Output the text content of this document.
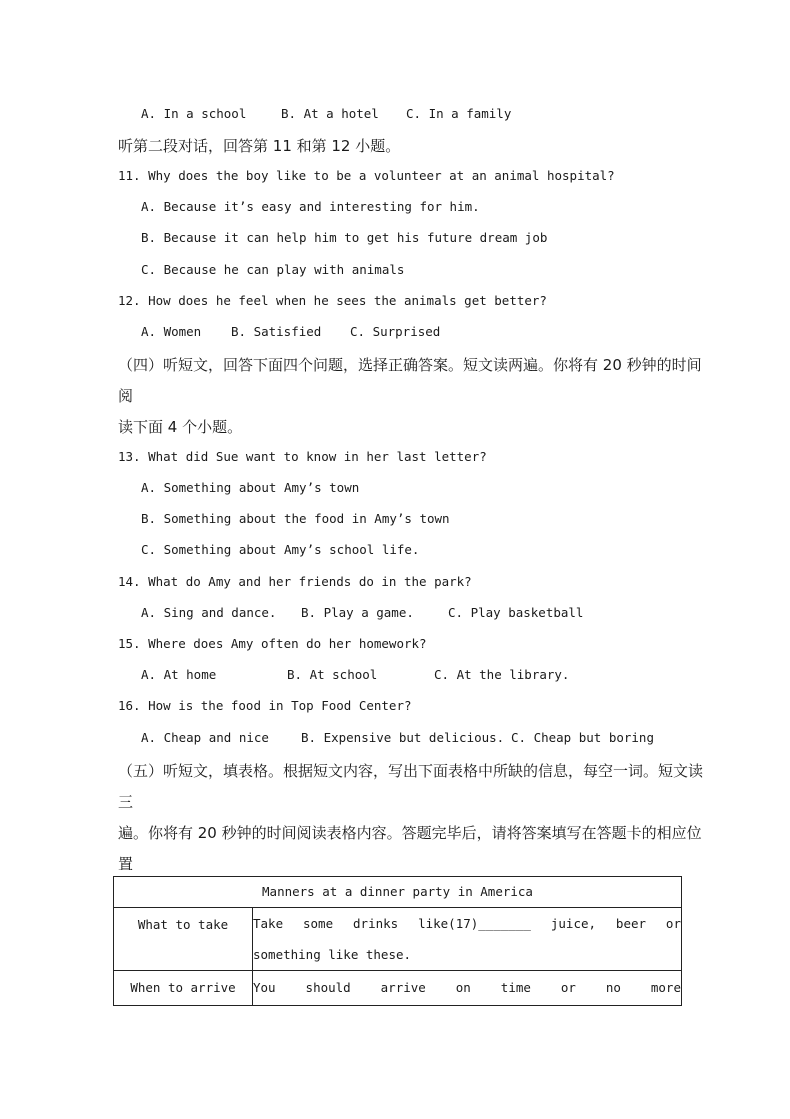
A. In a school	B. At a hotel C. In a family
听第二段对话，回答第 11 和第 12 小题。
11. Why does the boy like to be a volunteer at an animal hospital?
A. Because it’s easy and interesting for him.
B. Because it can help him to get his future dream job
C. Because he can play with animals
12. How does he feel when he sees the animals get better?
A. Women B. Satisfied C. Surprised
（四）听短文，回答下面四个问题，选择正确答案。短文读两遍。你将有 20 秒钟的时间
阅
读下面 4 个小题。
13. What did Sue want to know in her last letter?
A. Something about Amy’s town
B. Something about the food in Amy’s town
C. Something about Amy’s school life.
14. What do Amy and her friends do in the park?
A. Sing and dance. B. Play a game.	C. Play basketball
15. Where does Amy often do her homework?
A. At home	B. At school	C. At the library.
16. How is the food in Top Food Center?
A. Cheap and nice	B. Expensive but delicious. C. Cheap but boring
（五）听短文，填表格。根据短文内容，写出下面表格中所缺的信息，每空一词。短文读
三
遍。你将有 20 秒钟的时间阅读表格内容。答题完毕后，请将答案填写在答题卡的相应位
置
Manners at a dinner party in America	
What to take	Take some drinks like(17)_______ juice, beer or something like these.
When to arrive	You should arrive on time or no more
